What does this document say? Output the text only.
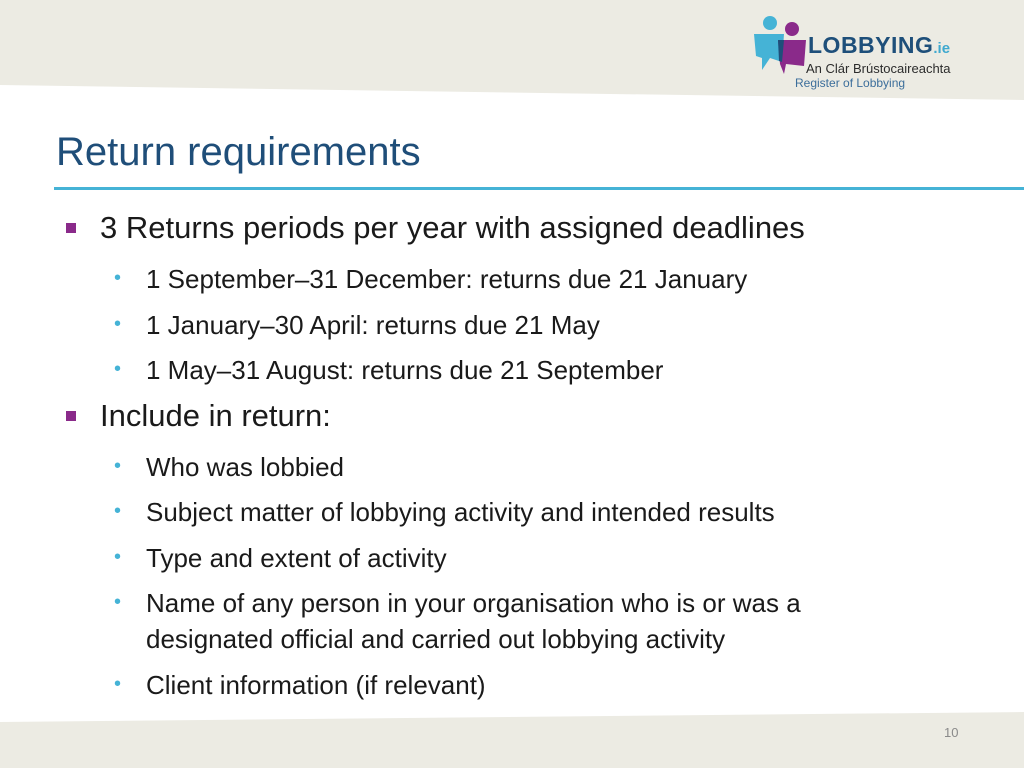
LOBBYING.ie
An Clár Brústocaireachta
Register of Lobbying
Return requirements
3 Returns periods per year with assigned deadlines
• 1 September–31 December: returns due 21 January
• 1 January–30 April: returns due 21 May
• 1 May–31 August: returns due 21 September
Include in return:
• Who was lobbied
• Subject matter of lobbying activity and intended results
• Type and extent of activity
• Name of any person in your organisation who is or was a
designated official and carried out lobbying activity
• Client information (if relevant)
10
